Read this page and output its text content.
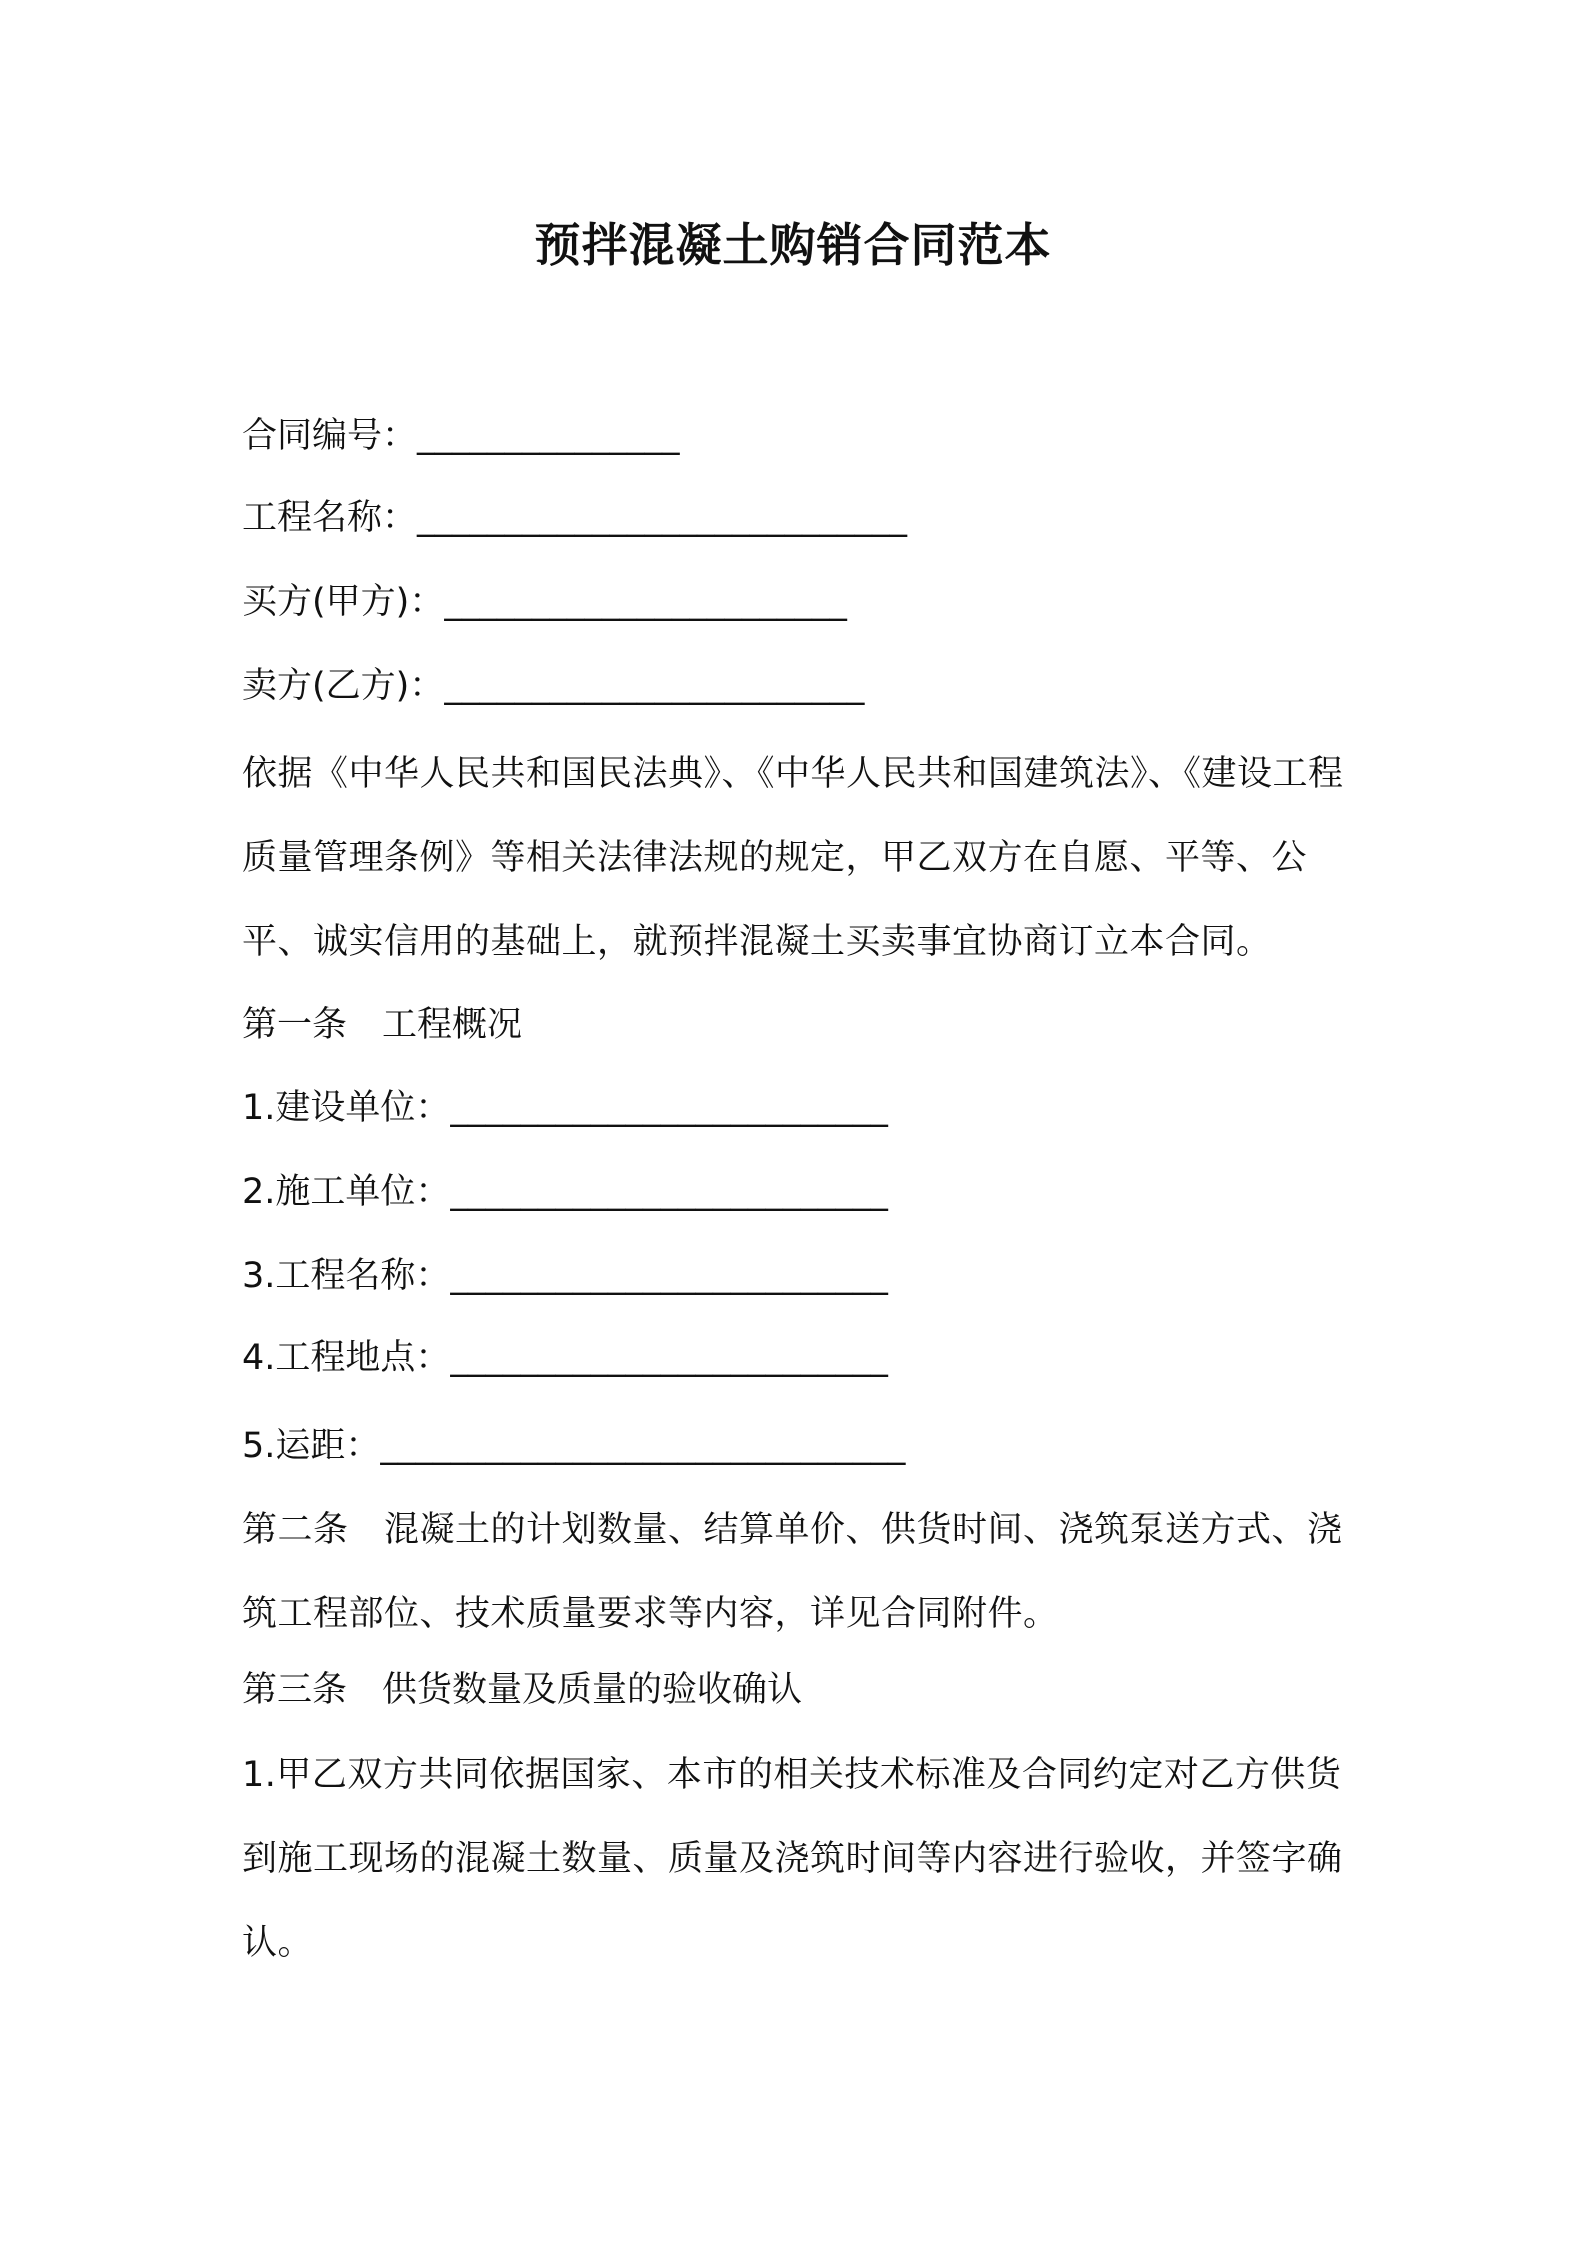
预拌混凝土购销合同范本
合同编号： _______________
工程名称： ____________________________
买方(甲方)： _______________________
卖方(乙方)： ________________________
依据《中华人民共和国民法典》、《中华人民共和国建筑法》、《建设工程质量管理条例》等相关法律法规的规定，甲乙双方在自愿、平等、公平、诚实信用的基础上，就预拌混凝土买卖事宜协商订立本合同。
第一条　工程概况
1.建设单位： _________________________
2.施工单位： _________________________
3.工程名称： _________________________
4.工程地点： _________________________
5.运距： ______________________________
第二条　混凝土的计划数量、结算单价、供货时间、浇筑泵送方式、浇筑工程部位、技术质量要求等内容，详见合同附件。
第三条　供货数量及质量的验收确认
1.甲乙双方共同依据国家、本市的相关技术标准及合同约定对乙方供货到施工现场的混凝土数量、质量及浇筑时间等内容进行验收，并签字确认。
